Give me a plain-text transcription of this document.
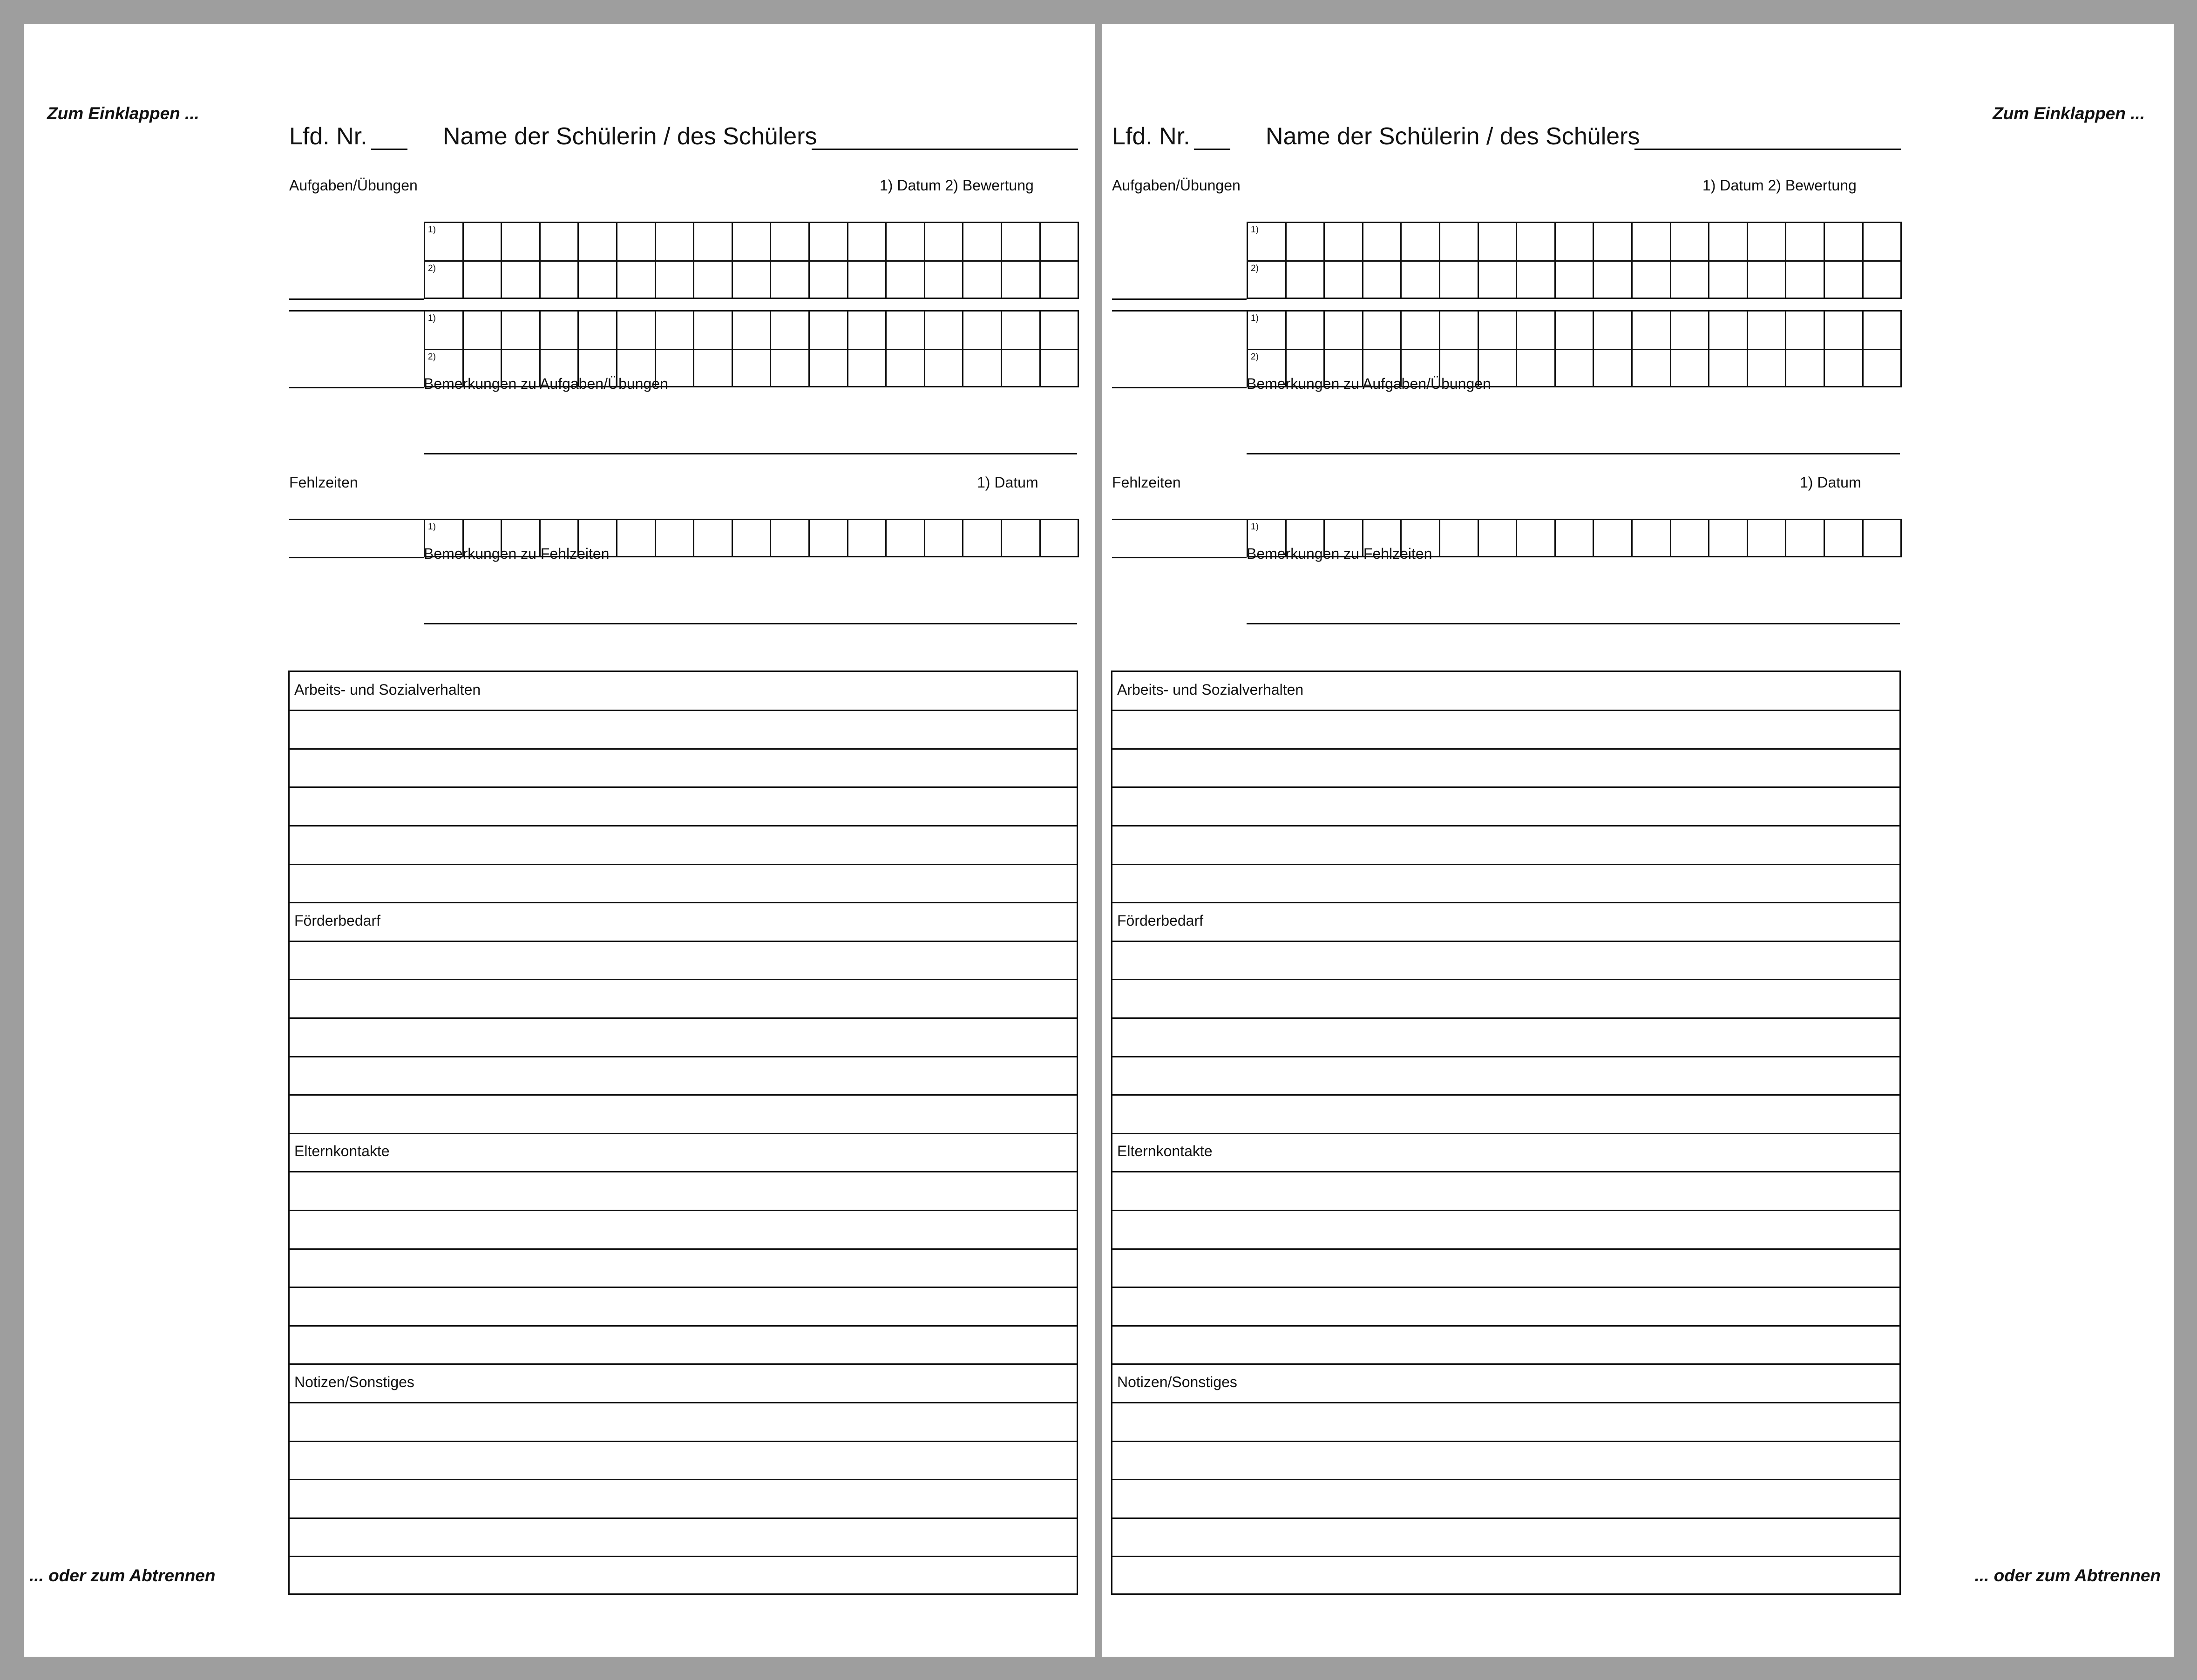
Zum Einklappen ...
... oder zum Abtrennen
Lfd. Nr.	Name der Schülerin / des Schülers
Aufgaben/Übungen	1) Datum 2) Bewertung
1)
2)
1)
2)
Bemerkungen zu Aufgaben/Übungen
Fehlzeiten	1) Datum
1)
Bemerkungen zu Fehlzeiten
Arbeits- und Sozialverhalten
Förderbedarf
Elternkontakte
Notizen/Sonstiges
Zum Einklappen ...
... oder zum Abtrennen
Lfd. Nr.	Name der Schülerin / des Schülers
Aufgaben/Übungen	1) Datum 2) Bewertung
1)
2)
1)
2)
Bemerkungen zu Aufgaben/Übungen
Fehlzeiten	1) Datum
1)
Bemerkungen zu Fehlzeiten
Arbeits- und Sozialverhalten
Förderbedarf
Elternkontakte
Notizen/Sonstiges
